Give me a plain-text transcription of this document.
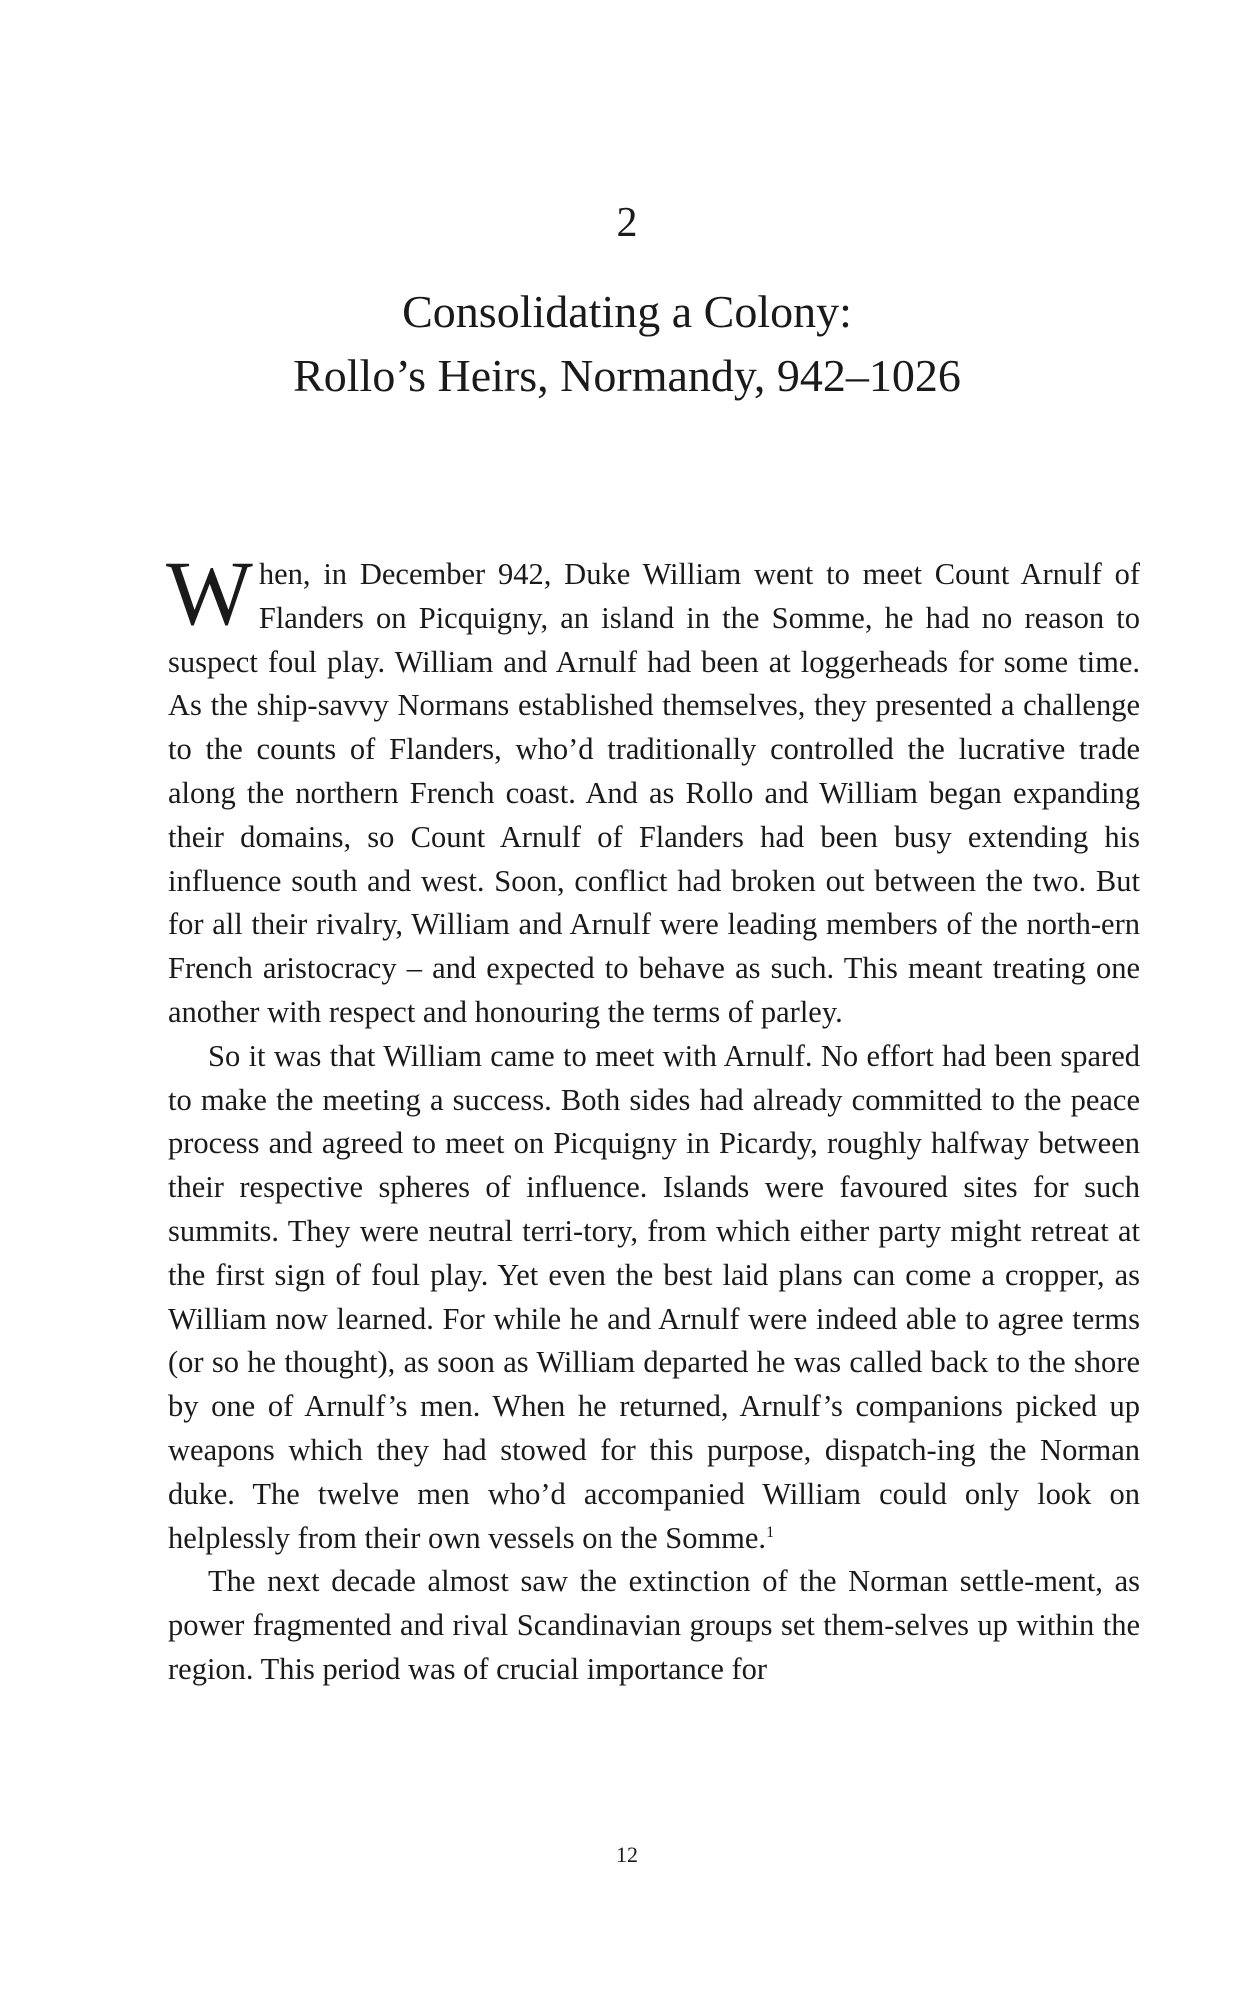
2
Consolidating a Colony:
Rollo’s Heirs, Normandy, 942–1026

When, in December 942, Duke William went to meet Count Arnulf of Flanders on Picquigny, an island in the Somme, he had no reason to suspect foul play. William and Arnulf had been at loggerheads for some time. As the ship-savvy Normans established themselves, they presented a challenge to the counts of Flanders, who’d traditionally controlled the lucrative trade along the northern French coast. And as Rollo and William began expanding their domains, so Count Arnulf of Flanders had been busy extending his influence south and west. Soon, conflict had broken out between the two. But for all their rivalry, William and Arnulf were leading members of the north-ern French aristocracy – and expected to behave as such. This meant treating one another with respect and honouring the terms of parley.

So it was that William came to meet with Arnulf. No effort had been spared to make the meeting a success. Both sides had already committed to the peace process and agreed to meet on Picquigny in Picardy, roughly halfway between their respective spheres of influence. Islands were favoured sites for such summits. They were neutral terri-tory, from which either party might retreat at the first sign of foul play. Yet even the best laid plans can come a cropper, as William now learned. For while he and Arnulf were indeed able to agree terms (or so he thought), as soon as William departed he was called back to the shore by one of Arnulf’s men. When he returned, Arnulf’s companions picked up weapons which they had stowed for this purpose, dispatch-ing the Norman duke. The twelve men who’d accompanied William could only look on helplessly from their own vessels on the Somme.$^1$

The next decade almost saw the extinction of the Norman settle-ment, as power fragmented and rival Scandinavian groups set them-selves up within the region. This period was of crucial importance for

12
